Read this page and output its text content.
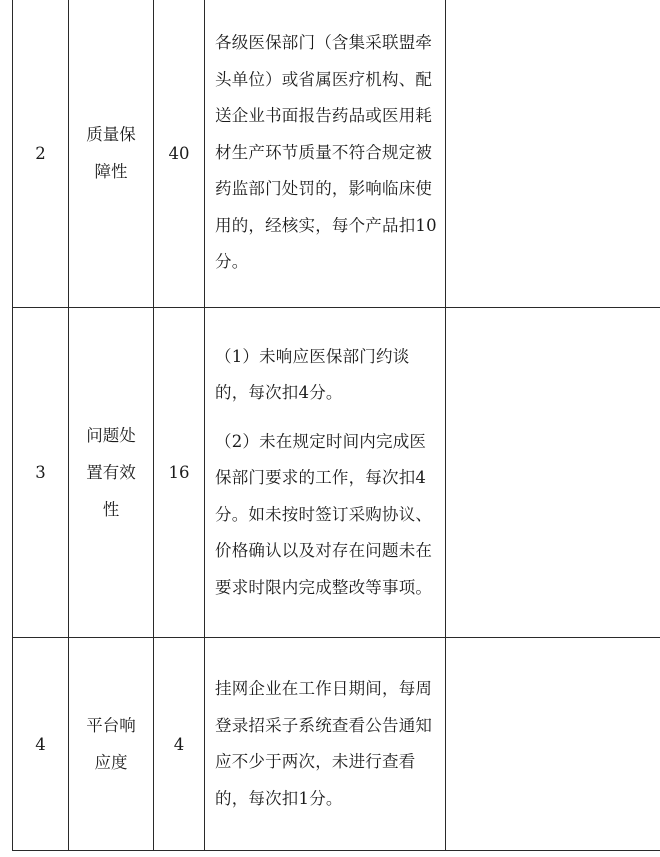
2	质量保障性	40	各级医保部门（含集采联盟牵头单位）或省属医疗机构、配送企业书面报告药品或医用耗材生产环节质量不符合规定被药监部门处罚的，影响临床使用的，经核实，每个产品扣10分。	

3	问题处置有效性	16	（1）未响应医保部门约谈的，每次扣4分。

（2）未在规定时间内完成医保部门要求的工作，每次扣4分。如未按时签订采购协议、价格确认以及对存在问题未在要求时限内完成整改等事项。	

4	平台响应度	4	挂网企业在工作日期间，每周登录招采子系统查看公告通知应不少于两次，未进行查看的，每次扣1分。	
